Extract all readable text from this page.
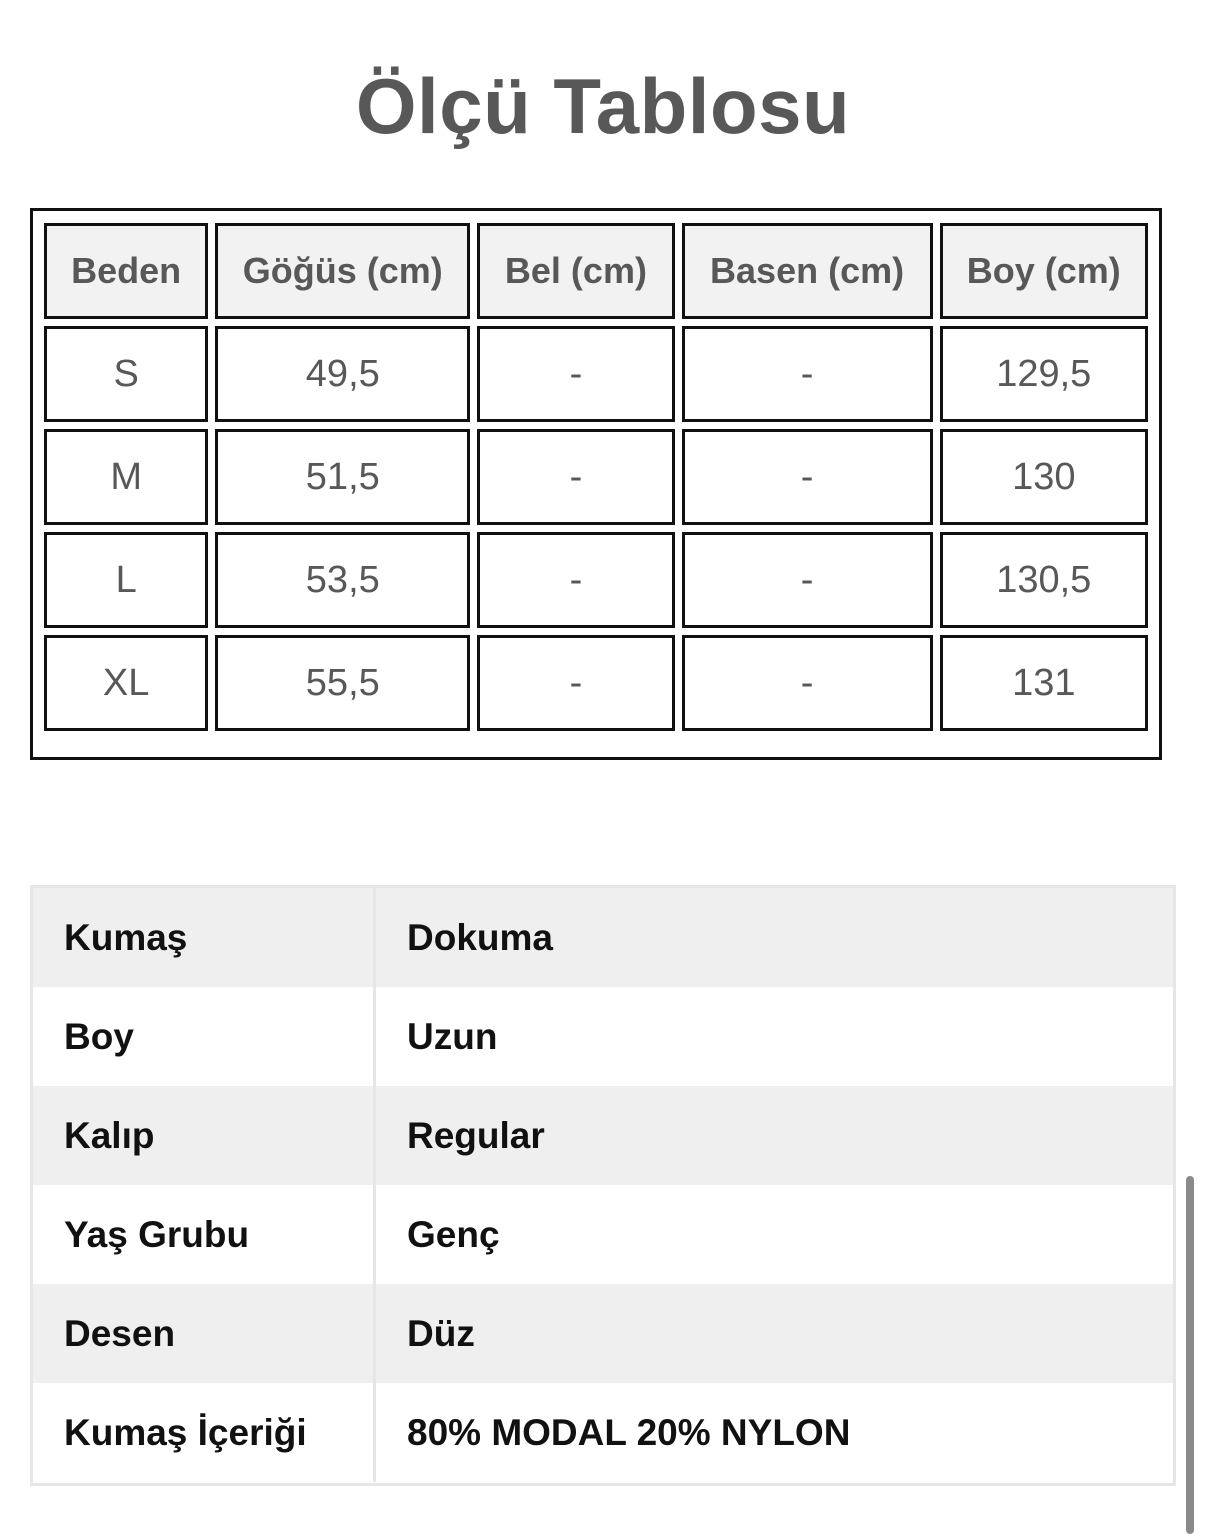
Ölçü Tablosu
Beden	Göğüs (cm)	Bel (cm)	Basen (cm)	Boy (cm)
S	49,5	-	-	129,5
M	51,5	-	-	130
L	53,5	-	-	130,5
XL	55,5	-	-	131
Kumaş	Dokuma
Boy	Uzun
Kalıp	Regular
Yaş Grubu	Genç
Desen	Düz
Kumaş İçeriği	80% MODAL 20% NYLON
